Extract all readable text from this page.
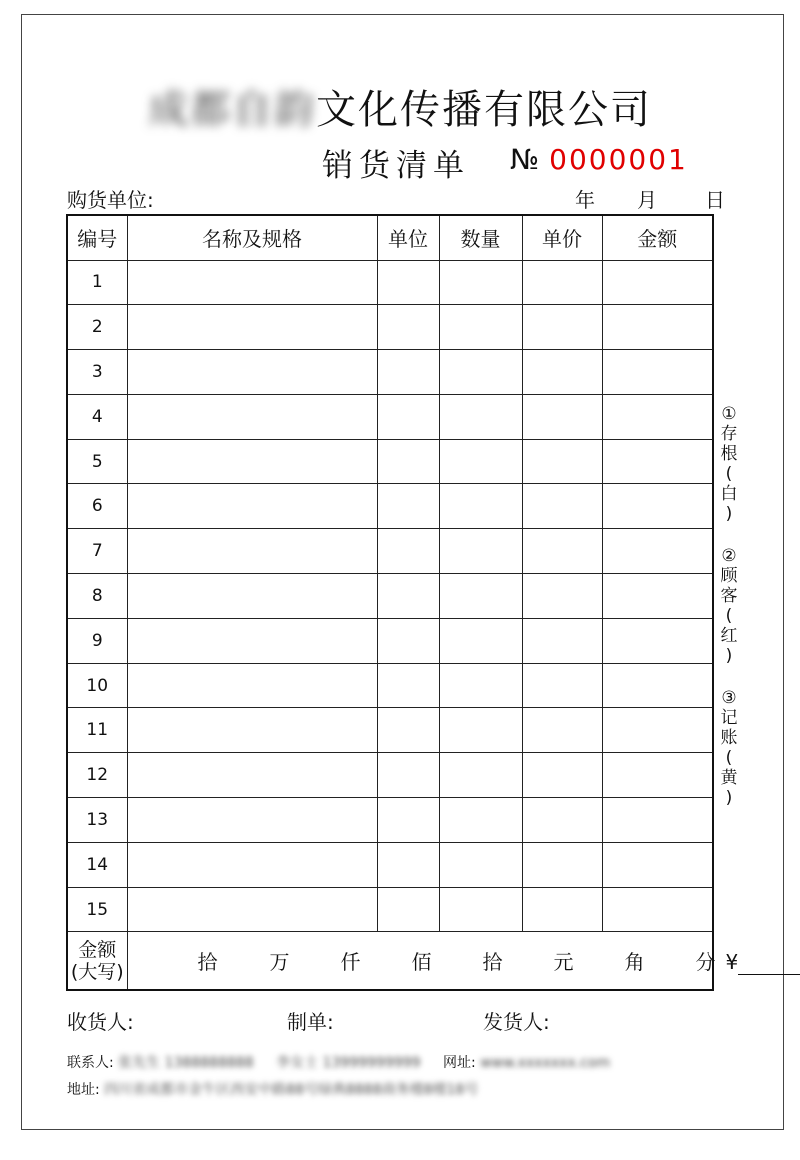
成都自韵文化传播有限公司
销货清单 № 0000001
购货单位:	年 月 日
编号	名称及规格	单位	数量	单价	金额
1					
2					
3					
4					
5					
6					
7					
8					
9					
10					
11					
12					
13					
14					
15					

金额
(大写)	拾 万 仟 佰 拾 元 角 分 ¥				
①
存
根
(
白
)
②
顾
客
(
红
)
③
记
账
(
黄
)
收货人:	制单:	发货人:
联系人: 张先生 1388888888 李女士 13999999999 网址: www.xxxxxxx.com
地址: 四川省成都市金牛区西安中路88号绿典8888商务楼8楼18号
